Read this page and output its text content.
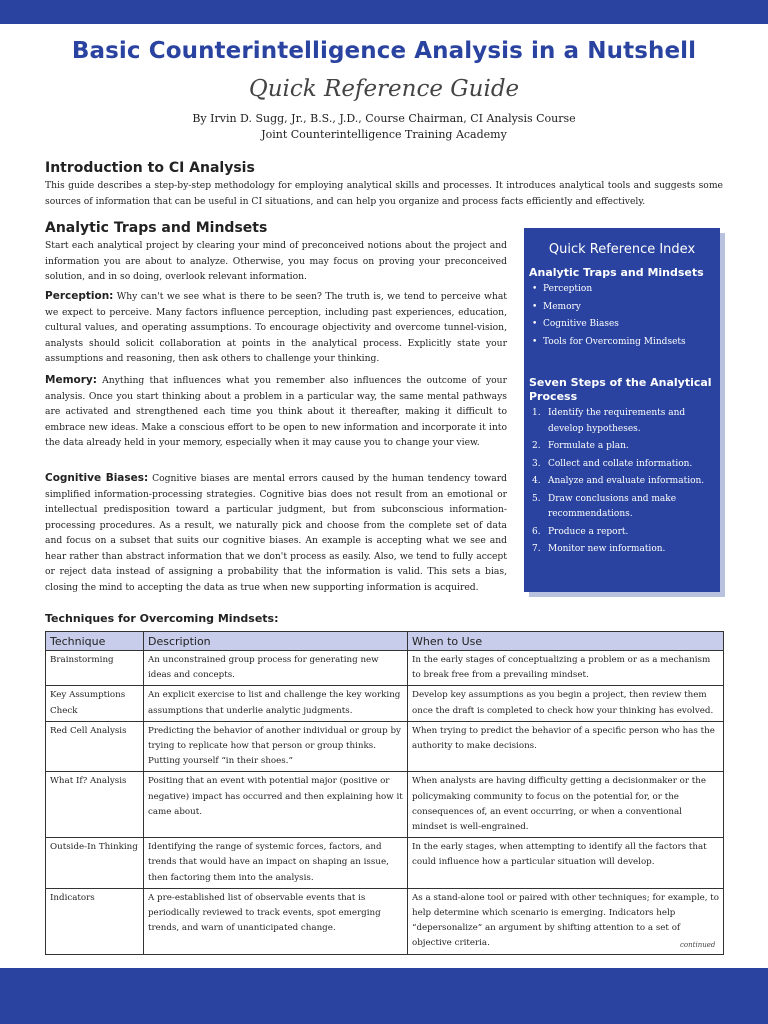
Basic Counterintelligence Analysis in a Nutshell
Quick Reference Guide
By Irvin D. Sugg, Jr., B.S., J.D., Course Chairman, CI Analysis Course
Joint Counterintelligence Training Academy
Introduction to CI Analysis
This guide describes a step-by-step methodology for employing analytical skills and processes. It introduces analytical tools and suggests some sources of information that can be useful in CI situations, and can help you organize and process facts efficiently and effectively.
Analytic Traps and Mindsets
Start each analytical project by clearing your mind of preconceived notions about the project and information you are about to analyze. Otherwise, you may focus on proving your preconceived solution, and in so doing, overlook relevant information.
Perception: Why can't we see what is there to be seen? The truth is, we tend to perceive what we expect to perceive. Many factors influence perception, including past experiences, education, cultural values, and operating assumptions. To encourage objectivity and overcome tunnel-vision, analysts should solicit collaboration at points in the analytical process. Explicitly state your assumptions and reasoning, then ask others to challenge your thinking.
Memory: Anything that influences what you remember also influences the outcome of your analysis. Once you start thinking about a problem in a particular way, the same mental pathways are activated and strengthened each time you think about it thereafter, making it difficult to embrace new ideas. Make a conscious effort to be open to new information and incorporate it into the data already held in your memory, especially when it may cause you to change your view.
Cognitive Biases: Cognitive biases are mental errors caused by the human tendency toward simplified information-processing strategies. Cognitive bias does not result from an emotional or intellectual predisposition toward a particular judgment, but from subconscious information-processing procedures. As a result, we naturally pick and choose from the complete set of data and focus on a subset that suits our cognitive biases. An example is accepting what we see and hear rather than abstract information that we don't process as easily. Also, we tend to fully accept or reject data instead of assigning a probability that the information is valid. This sets a bias, closing the mind to accepting the data as true when new supporting information is acquired.
Quick Reference Index
Analytic Traps and Mindsets
• Perception
• Memory
• Cognitive Biases
• Tools for Overcoming Mindsets
Seven Steps of the Analytical Process
1. Identify the requirements and develop hypotheses.
2. Formulate a plan.
3. Collect and collate information.
4. Analyze and evaluate information.
5. Draw conclusions and make recommendations.
6. Produce a report.
7. Monitor new information.
Techniques for Overcoming Mindsets:
Technique	Description	When to Use
Brainstorming	An unconstrained group process for generating new ideas and concepts.	In the early stages of conceptualizing a problem or as a mechanism to break free from a prevailing mindset.
Key Assumptions Check	An explicit exercise to list and challenge the key working assumptions that underlie analytic judgments.	Develop key assumptions as you begin a project, then review them once the draft is completed to check how your thinking has evolved.
Red Cell Analysis	Predicting the behavior of another individual or group by trying to replicate how that person or group thinks. Putting yourself “in their shoes.”	When trying to predict the behavior of a specific person who has the authority to make decisions.
What If? Analysis	Positing that an event with potential major (positive or negative) impact has occurred and then explaining how it came about.	When analysts are having difficulty getting a decisionmaker or the policymaking community to focus on the potential for, or the consequences of, an event occurring, or when a conventional mindset is well-engrained.
Outside-In Thinking	Identifying the range of systemic forces, factors, and trends that would have an impact on shaping an issue, then factoring them into the analysis.	In the early stages, when attempting to identify all the factors that could influence how a particular situation will develop.
Indicators	A pre-established list of observable events that is periodically reviewed to track events, spot emerging trends, and warn of unanticipated change.	As a stand-alone tool or paired with other techniques; for example, to help determine which scenario is emerging. Indicators help “depersonalize” an argument by shifting attention to a set of objective criteria.	continued
